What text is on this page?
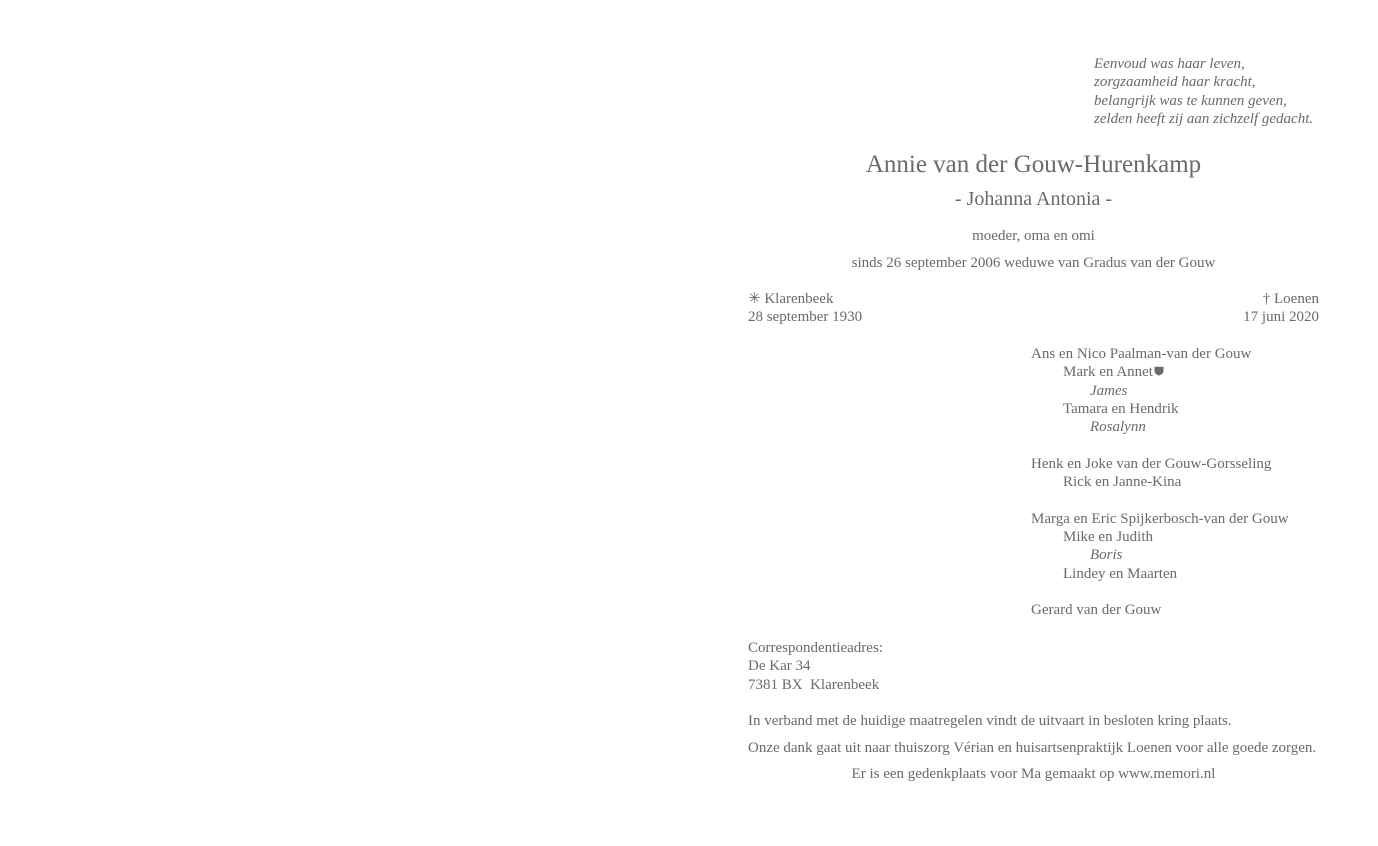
Eenvoud was haar leven,
zorgzaamheid haar kracht,
belangrijk was te kunnen geven,
zelden heeft zij aan zichzelf gedacht.
Annie van der Gouw-Hurenkamp
- Johanna Antonia -
moeder, oma en omi
sinds 26 september 2006 weduwe van Gradus van der Gouw
✳ Klarenbeek
28 september 1930
† Loenen
17 juni 2020
Ans en Nico Paalman-van der Gouw
Mark en Annet
James
Tamara en Hendrik
Rosalynn
Henk en Joke van der Gouw-Gorsseling
Rick en Janne-Kina
Marga en Eric Spijkerbosch-van der Gouw
Mike en Judith
Boris
Lindey en Maarten
Gerard van der Gouw
Correspondentieadres:
De Kar 34
7381 BX  Klarenbeek
In verband met de huidige maatregelen vindt de uitvaart in besloten kring plaats.
Onze dank gaat uit naar thuiszorg Vérian en huisartsenpraktijk Loenen voor alle goede zorgen.
Er is een gedenkplaats voor Ma gemaakt op www.memori.nl
